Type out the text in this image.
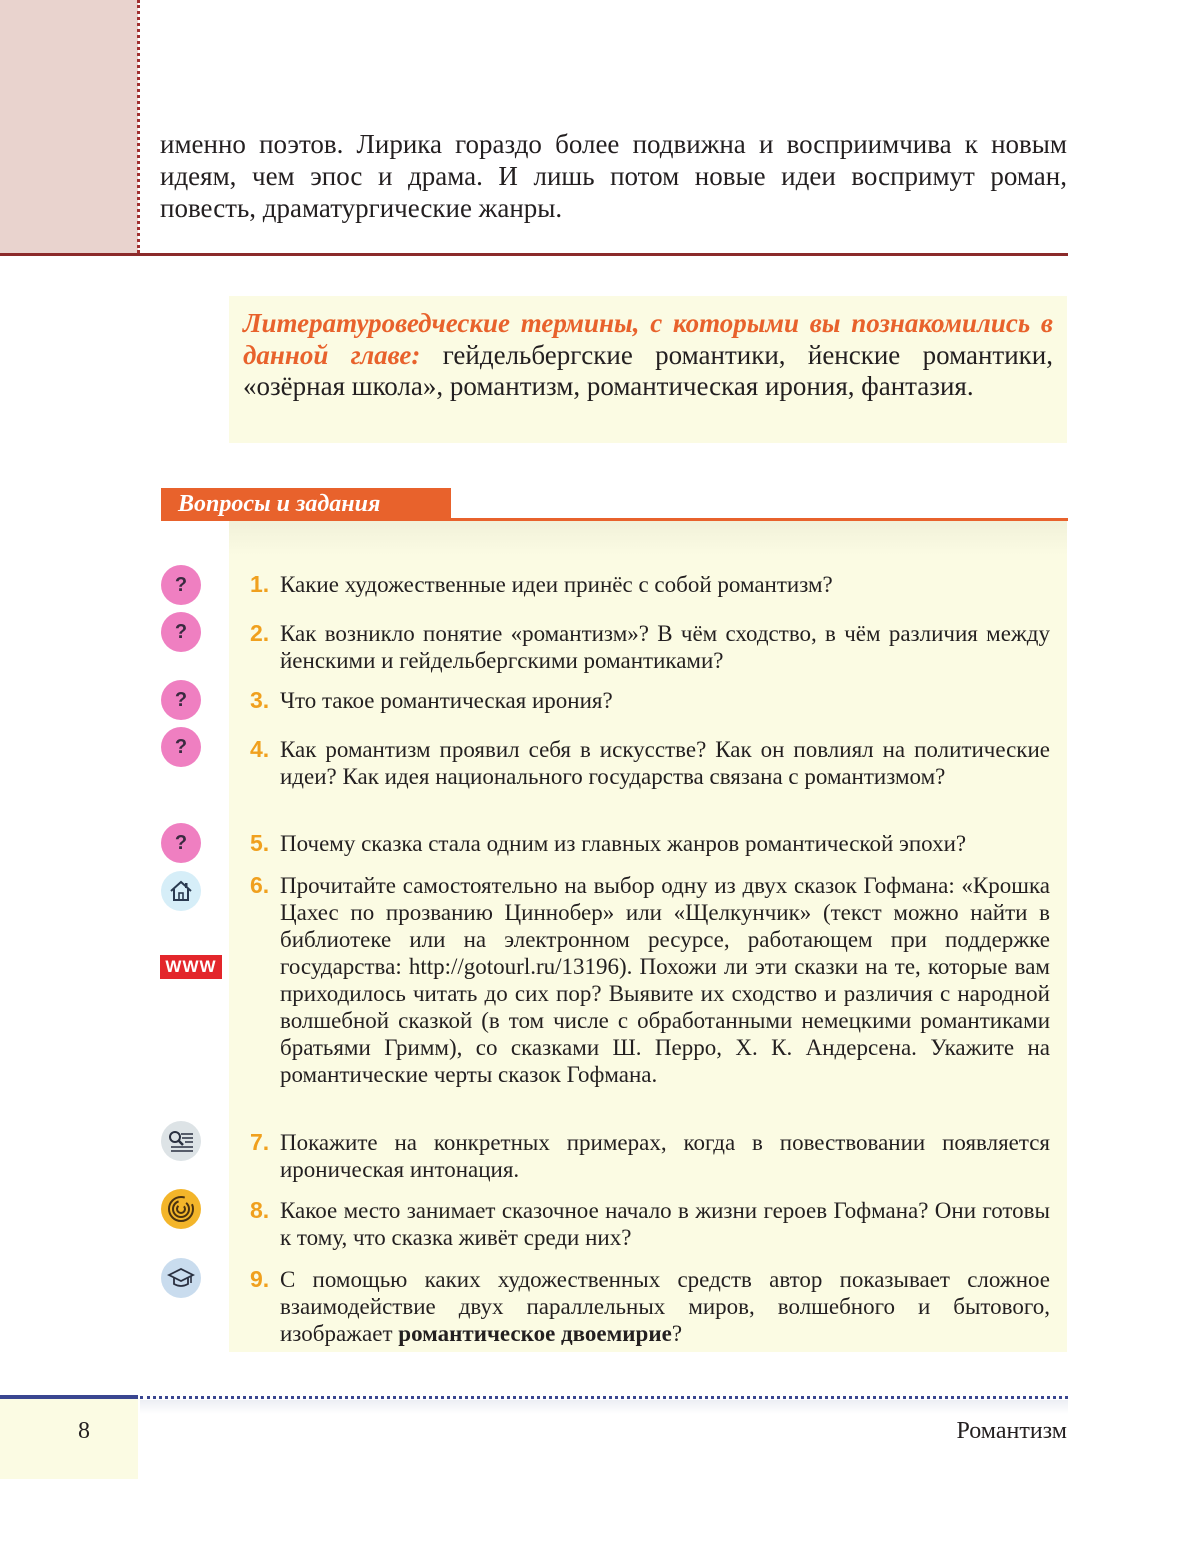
именно поэтов. Лирика гораздо более подвижна и восприимчива к новым идеям, чем эпос и драма. И лишь потом новые идеи воспримут роман, повесть, драматургические жанры.

Литературоведческие термины, с которыми вы познакомились в данной главе: гейдельбергские романтики, йенские романтики, «озёрная школа», романтизм, романтическая ирония, фантазия.

Вопросы и задания
?
?
?
?
?
WWW
1. Какие художественные идеи принёс с собой романтизм?
2. Как возникло понятие «романтизм»? В чём сходство, в чём различия между йенскими и гейдельбергскими романтиками?
3. Что такое романтическая ирония?
4. Как романтизм проявил себя в искусстве? Как он повлиял на политические идеи? Как идея национального государства связана с романтизмом?
5. Почему сказка стала одним из главных жанров романтической эпохи?
6. Прочитайте самостоятельно на выбор одну из двух сказок Гофмана: «Крошка Цахес по прозванию Циннобер» или «Щелкунчик» (текст можно найти в библиотеке или на электронном ресурсе, работающем при поддержке государства: http://gotourl.ru/13196). Похожи ли эти сказки на те, которые вам приходилось читать до сих пор? Выявите их сходство и различия с народной волшебной сказкой (в том числе с обработанными немецкими романтиками братьями Гримм), со сказками Ш. Перро, Х. К. Андерсена. Укажите на романтические черты сказок Гофмана.
7. Покажите на конкретных примерах, когда в повествовании появляется ироническая интонация.
8. Какое место занимает сказочное начало в жизни героев Гофмана? Они готовы к тому, что сказка живёт среди них?
9. С помощью каких художественных средств автор показывает сложное взаимодействие двух параллельных миров, волшебного и бытового, изображает романтическое двоемирие?
8	Романтизм
